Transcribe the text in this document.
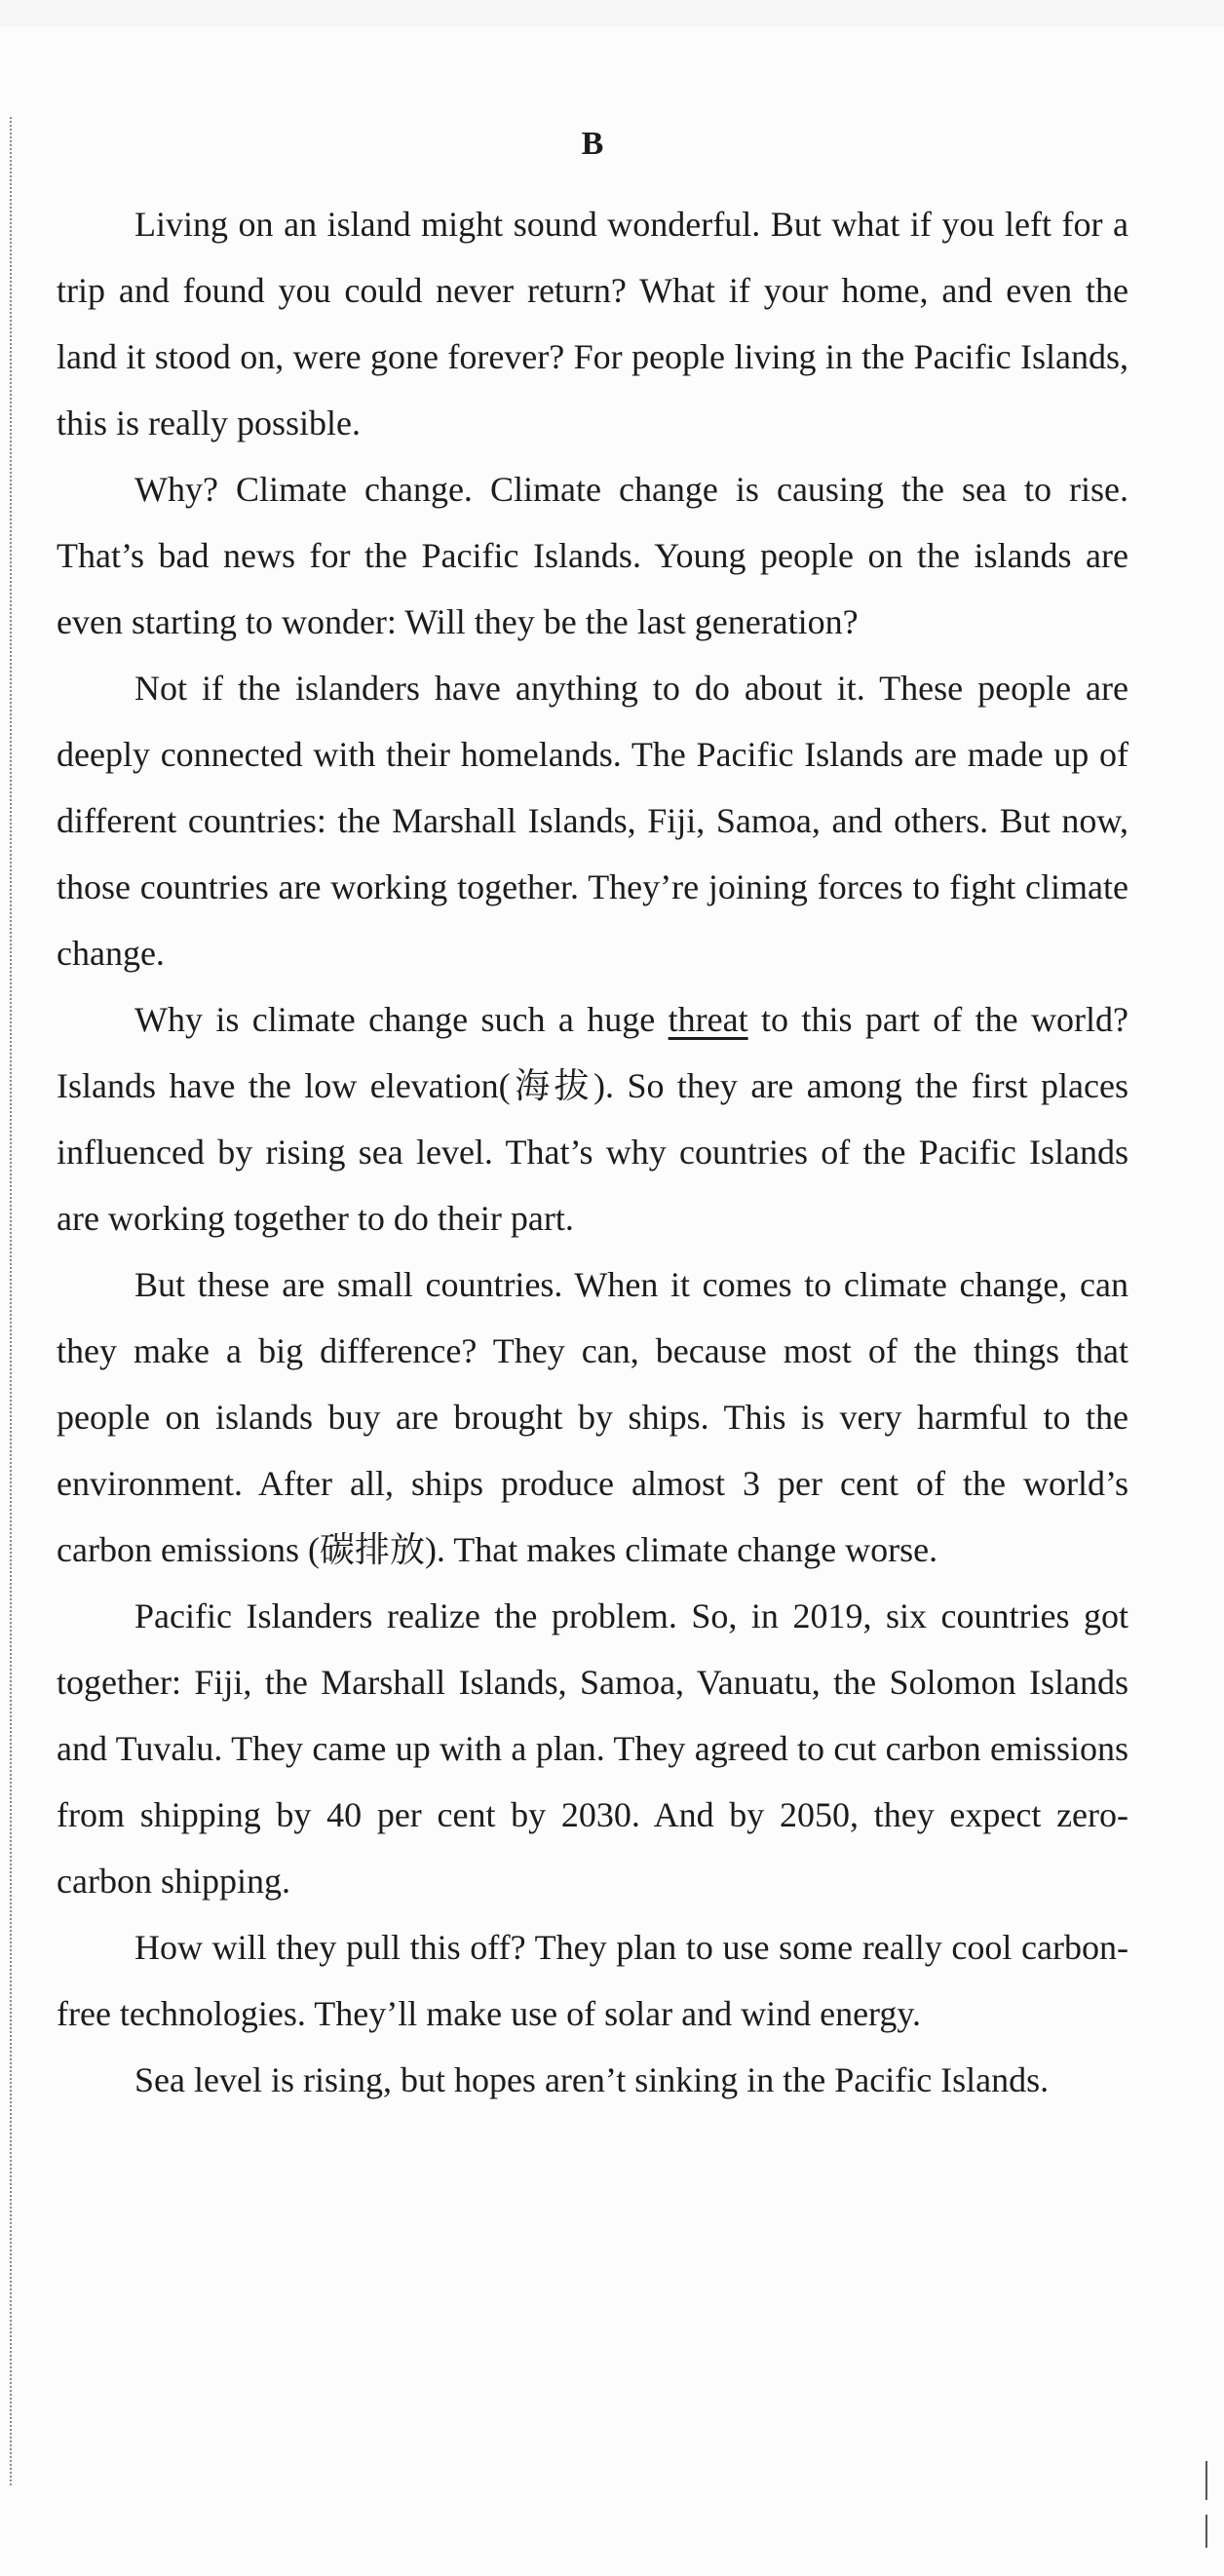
B

Living on an island might sound wonderful. But what if you left for a trip and found you could never return? What if your home, and even the land it stood on, were gone forever? For people living in the Pacific Islands, this is really possible.

Why? Climate change. Climate change is causing the sea to rise. That’s bad news for the Pacific Islands. Young people on the islands are even starting to wonder: Will they be the last generation?

Not if the islanders have anything to do about it. These people are deeply connected with their homelands. The Pacific Islands are made up of different countries: the Marshall Islands, Fiji, Samoa, and others. But now, those countries are working together. They’re joining forces to fight climate change.

Why is climate change such a huge threat to this part of the world? Islands have the low elevation(海拔). So they are among the first places influenced by rising sea level. That’s why countries of the Pacific Islands are working together to do their part.

But these are small countries. When it comes to climate change, can they make a big difference? They can, because most of the things that people on islands buy are brought by ships. This is very harmful to the environment. After all, ships produce almost 3 per cent of the world’s carbon emissions (碳排放). That makes climate change worse.

Pacific Islanders realize the problem. So, in 2019, six countries got together: Fiji, the Marshall Islands, Samoa, Vanuatu, the Solomon Islands and Tuvalu. They came up with a plan. They agreed to cut carbon emissions from shipping by 40 per cent by 2030. And by 2050, they expect zero-carbon shipping.

How will they pull this off? They plan to use some really cool carbon-free technologies. They’ll make use of solar and wind energy.

Sea level is rising, but hopes aren’t sinking in the Pacific Islands.
